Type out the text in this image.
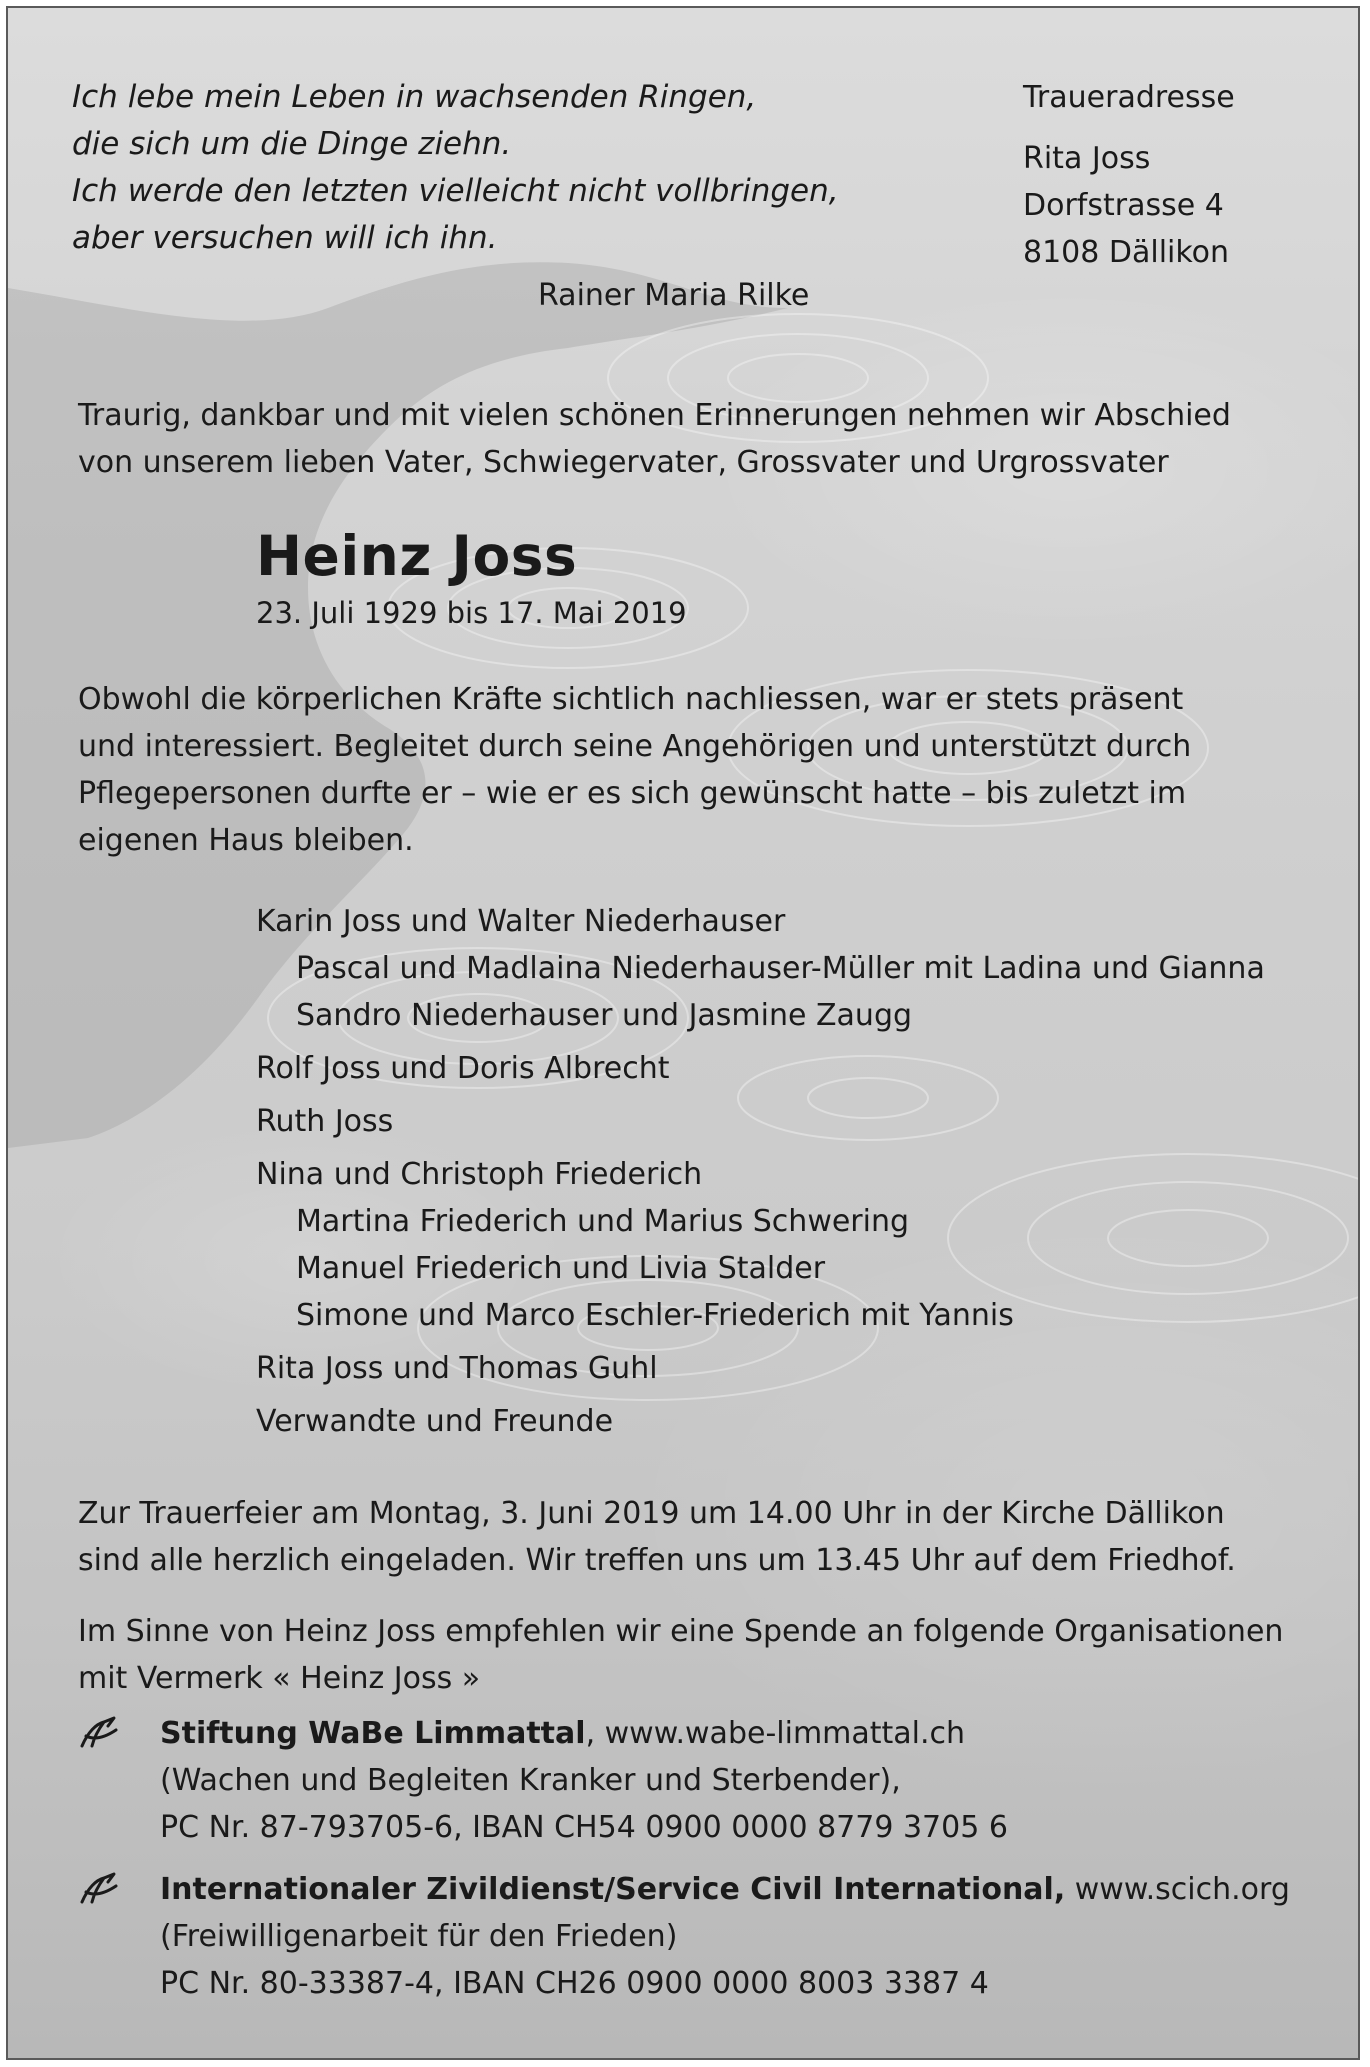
Ich lebe mein Leben in wachsenden Ringen,
die sich um die Dinge ziehn.
Ich werde den letzten vielleicht nicht vollbringen,
aber versuchen will ich ihn.
Rainer Maria Rilke
Traueradresse
Rita Joss
Dorfstrasse 4
8108 Dällikon
Traurig, dankbar und mit vielen schönen Erinnerungen nehmen wir Abschied
von unserem lieben Vater, Schwiegervater, Grossvater und Urgrossvater
Heinz Joss
23. Juli 1929 bis 17. Mai 2019
Obwohl die körperlichen Kräfte sichtlich nachliessen, war er stets präsent
und interessiert. Begleitet durch seine Angehörigen und unterstützt durch
Pflegepersonen durfte er – wie er es sich gewünscht hatte – bis zuletzt im
eigenen Haus bleiben.
Karin Joss und Walter Niederhauser
Pascal und Madlaina Niederhauser-Müller mit Ladina und Gianna
Sandro Niederhauser und Jasmine Zaugg
Rolf Joss und Doris Albrecht
Ruth Joss
Nina und Christoph Friederich
Martina Friederich und Marius Schwering
Manuel Friederich und Livia Stalder
Simone und Marco Eschler-Friederich mit Yannis
Rita Joss und Thomas Guhl
Verwandte und Freunde
Zur Trauerfeier am Montag, 3. Juni 2019 um 14.00 Uhr in der Kirche Dällikon
sind alle herzlich eingeladen. Wir treffen uns um 13.45 Uhr auf dem Friedhof.
Im Sinne von Heinz Joss empfehlen wir eine Spende an folgende Organisationen
mit Vermerk « Heinz Joss »
Stiftung WaBe Limmattal, www.wabe-limmattal.ch
(Wachen und Begleiten Kranker und Sterbender),
PC Nr. 87-793705-6, IBAN CH54 0900 0000 8779 3705 6
Internationaler Zivildienst/Service Civil International, www.scich.org
(Freiwilligenarbeit für den Frieden)
PC Nr. 80-33387-4, IBAN CH26 0900 0000 8003 3387 4
